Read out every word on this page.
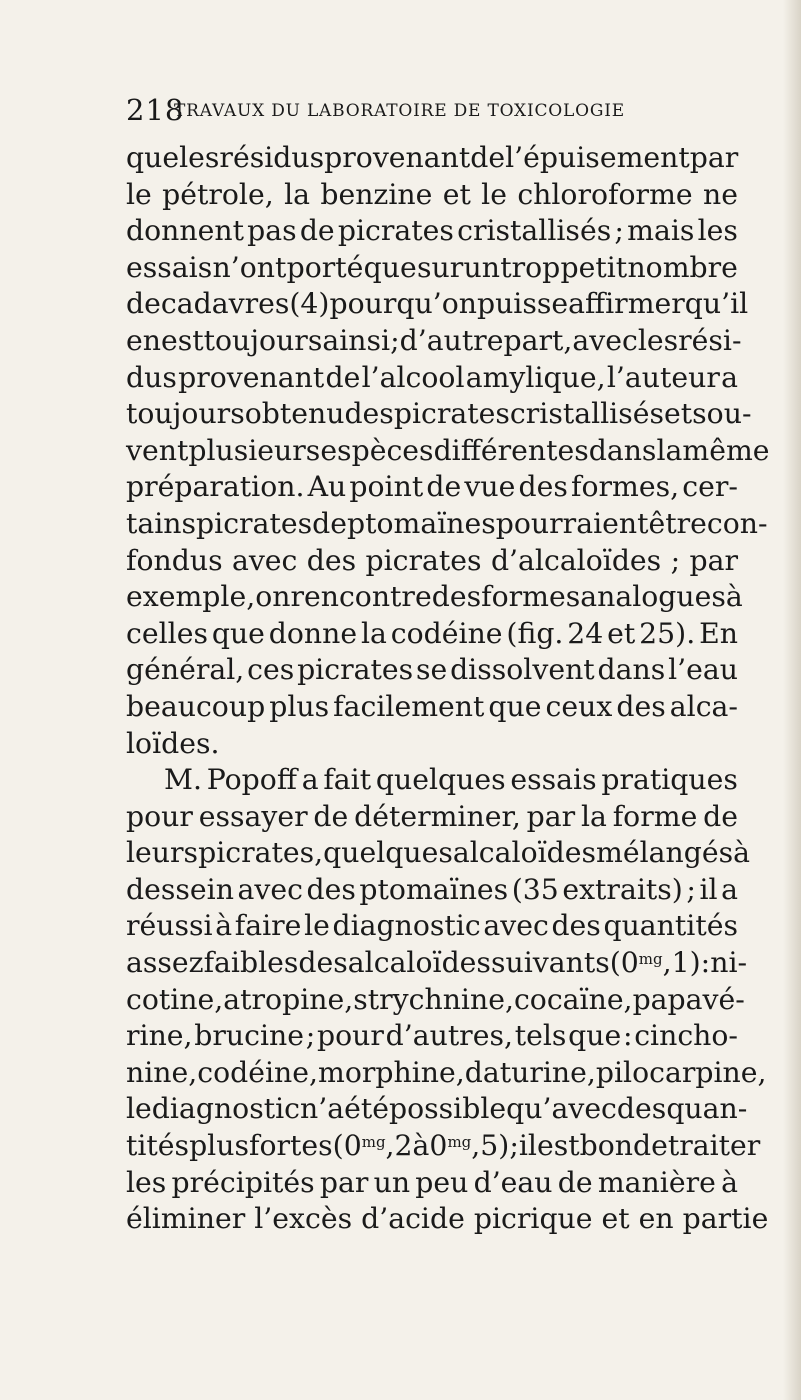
218
TRAVAUX DU LABORATOIRE DE TOXICOLOGIE
que les résidus provenant de l’épuisement par
le pétrole, la benzine et le chloroforme ne
donnent pas de picrates cristallisés ; mais les
essais n’ont porté que sur un trop petit nombre
de cadavres (4) pour qu’on puisse affirmer qu’il
en est toujours ainsi ; d’autre part, avec les rési-
dus provenant de l’alcool amylique, l’auteur a
toujours obtenu des picrates cristallisés et sou-
vent plusieurs espèces différentes dans la même
préparation. Au point de vue des formes, cer-
tains picrates de ptomaïnes pourraient être con-
fondus avec des picrates d’alcaloïdes ; par
exemple, on rencontre des formes analogues à
celles que donne la codéine (fig. 24 et 25). En
général, ces picrates se dissolvent dans l’eau
beaucoup plus facilement que ceux des alca-
loïdes.

M. Popoff a fait quelques essais pratiques
pour essayer de déterminer, par la forme de
leurs picrates, quelques alcaloïdes mélangés à
dessein avec des ptomaïnes (35 extraits) ; il a
réussi à faire le diagnostic avec des quantités
assez faibles des alcaloïdes suivants $(0^{mg},1)$ : ni-
cotine, atropine, strychnine, cocaïne, papavé-
rine, brucine ; pour d’autres, tels que : cincho-
nine, codéine, morphine, daturine, pilocarpine,
le diagnostic n’a été possible qu’avec des quan-
tités plus fortes ($0^{mg},2$ à $0^{mg},5$) ; il est bon de traiter
les précipités par un peu d’eau de manière à
éliminer
l’excès
d’acide
picrique
et
en
partie
